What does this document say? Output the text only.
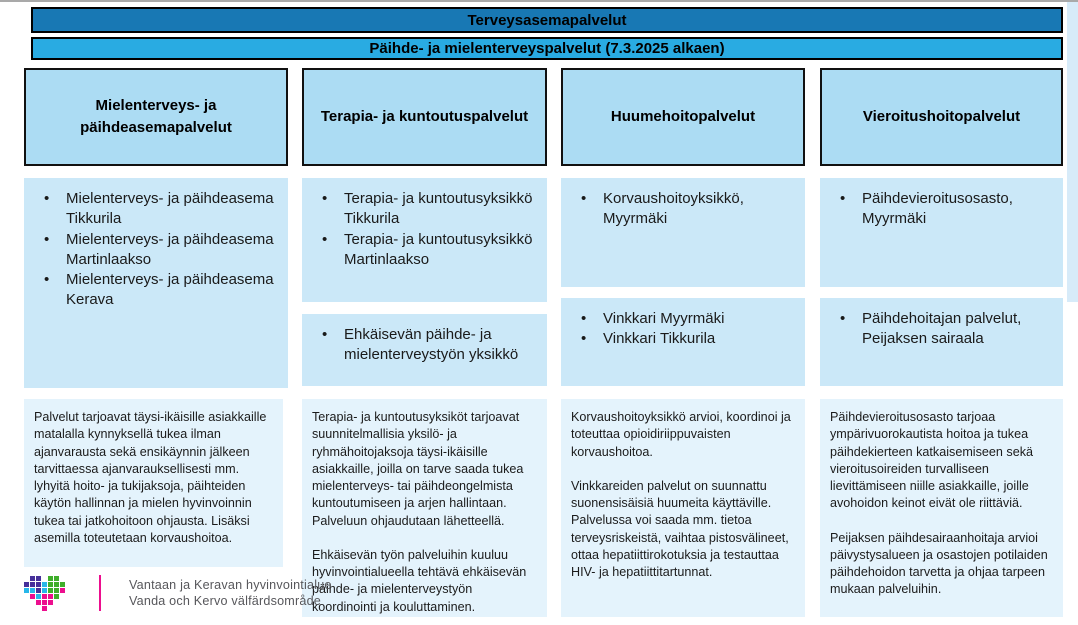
Terveysasemapalvelut
Päihde- ja mielenterveyspalvelut (7.3.2025 alkaen)
Mielenterveys- ja päihdeasemapalvelut
• Mielenterveys- ja päihdeasema Tikkurila
• Mielenterveys- ja päihdeasema Martinlaakso
• Mielenterveys- ja päihdeasema Kerava

Palvelut tarjoavat täysi-ikäisille asiakkaille matalalla kynnyksellä tukea ilman ajanvarausta sekä ensikäynnin jälkeen tarvittaessa ajanvarauksellisesti mm. lyhyitä hoito- ja tukijaksoja, päihteiden käytön hallinnan ja mielen hyvinvoinnin tukea tai jatkohoitoon ohjausta. Lisäksi asemilla toteutetaan korvaushoitoa.

Terapia- ja kuntoutuspalvelut
• Terapia- ja kuntoutusyksikkö Tikkurila
• Terapia- ja kuntoutusyksikkö Martinlaakso
• Ehkäisevän päihde- ja mielenterveystyön yksikkö

Terapia- ja kuntoutusyksiköt tarjoavat suunnitelmallisia yksilö- ja ryhmähoitojaksoja täysi-ikäisille asiakkaille, joilla on tarve saada tukea mielenterveys- tai päihdeongelmista kuntoutumiseen ja arjen hallintaan. Palveluun ohjaudutaan lähetteellä.

Ehkäisevän työn palveluihin kuuluu hyvinvointialueella tehtävä ehkäisevän päihde- ja mielenterveystyön koordinointi ja kouluttaminen.

Huumehoitopalvelut
• Korvaushoitoyksikkö, Myyrmäki
• Vinkkari Myyrmäki
• Vinkkari Tikkurila

Korvaushoitoyksikkö arvioi, koordinoi ja toteuttaa opioidiriippuvaisten korvaushoitoa.

Vinkkareiden palvelut on suunnattu suonensisäisiä huumeita käyttäville. Palvelussa voi saada mm. tietoa terveysriskeistä, vaihtaa pistosvälineet, ottaa hepatiittirokotuksia ja testauttaa HIV- ja hepatiittitartunnat.

Vieroitushoitopalvelut
• Päihdevieroitusosasto, Myyrmäki
• Päihdehoitajan palvelut, Peijaksen sairaala

Päihdevieroitusosasto tarjoaa ympärivuorokautista hoitoa ja tukea päihdekierteen katkaisemiseen sekä vieroitusoireiden turvalliseen lievittämiseen niille asiakkaille, joille avohoidon keinot eivät ole riittäviä.

Peijaksen päihdesairaanhoitaja arvioi päivystysalueen ja osastojen potilaiden päihdehoidon tarvetta ja ohjaa tarpeen mukaan palveluihin.

Vantaan ja Keravan hyvinvointialue
Vanda och Kervo välfärdsområde
